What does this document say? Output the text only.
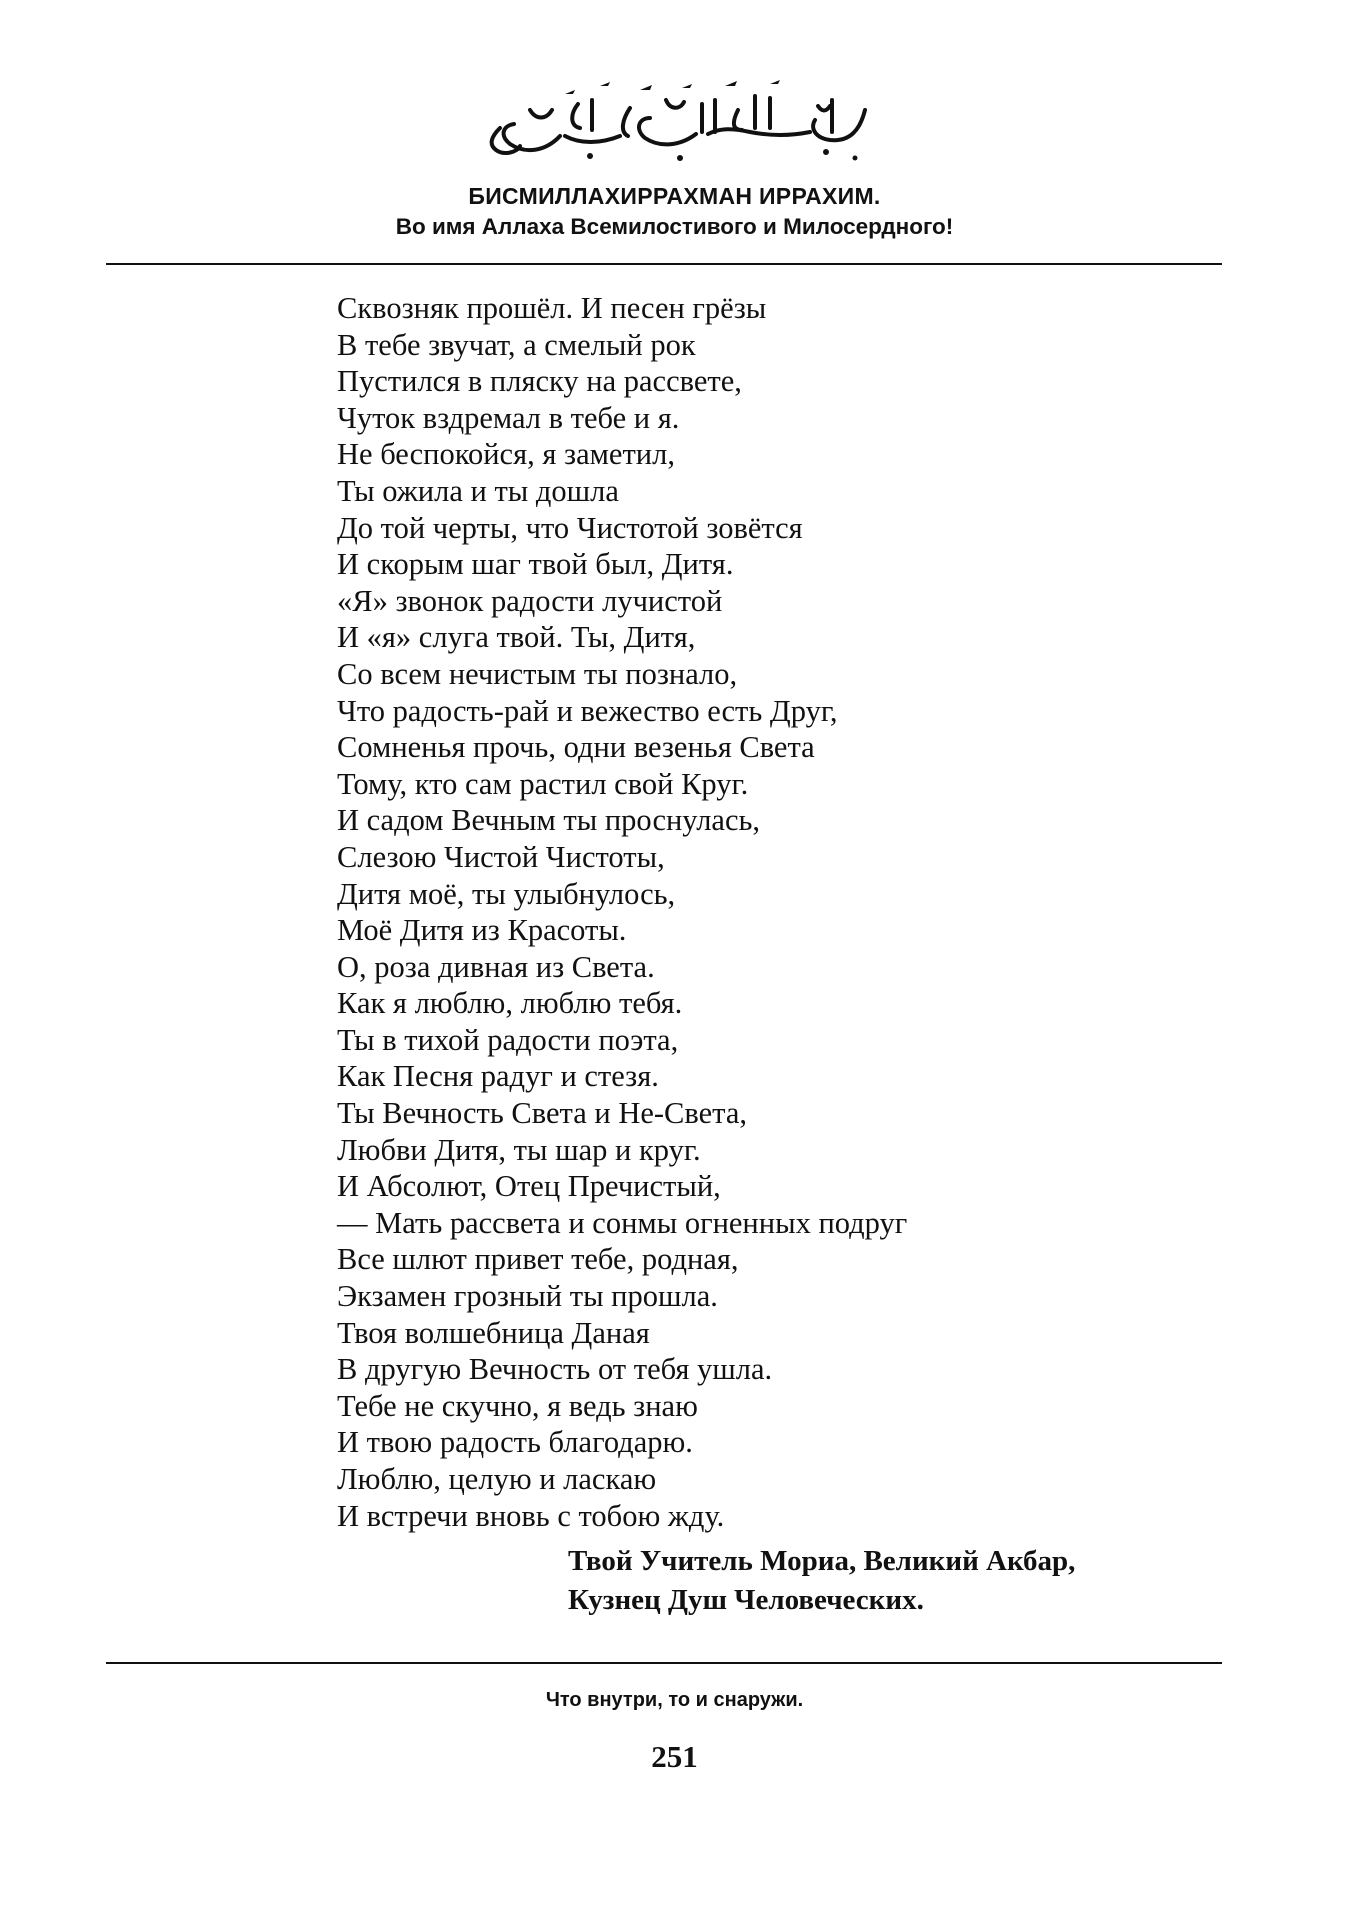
БИСМИЛЛАХИРРАХМАН ИРРАХИМ.
Во имя Аллаха Всемилостивого и Милосердного!
Сквозняк прошёл. И песен грёзы
В тебе звучат, а смелый рок
Пустился в пляску на рассвете,
Чуток вздремал в тебе и я.
Не беспокойся, я заметил,
Ты ожила и ты дошла
До той черты, что Чистотой зовётся
И скорым шаг твой был, Дитя.
«Я» звонок радости лучистой
И «я» слуга твой. Ты, Дитя,
Со всем нечистым ты познало,
Что радость-рай и вежество есть Друг,
Сомненья прочь, одни везенья Света
Тому, кто сам растил свой Круг.
И садом Вечным ты проснулась,
Слезою Чистой Чистоты,
Дитя моё, ты улыбнулось,
Моё Дитя из Красоты.
О, роза дивная из Света.
Как я люблю, люблю тебя.
Ты в тихой радости поэта,
Как Песня радуг и стезя.
Ты Вечность Света и Не-Света,
Любви Дитя, ты шар и круг.
И Абсолют, Отец Пречистый,
— Мать рассвета и сонмы огненных подруг
Все шлют привет тебе, родная,
Экзамен грозный ты прошла.
Твоя волшебница Даная
В другую Вечность от тебя ушла.
Тебе не скучно, я ведь знаю
И твою радость благодарю.
Люблю, целую и ласкаю
И встречи вновь с тобою жду.
Твой Учитель Мориа, Великий Акбар,
Кузнец Душ Человеческих.
Что внутри, то и снаружи.
251
